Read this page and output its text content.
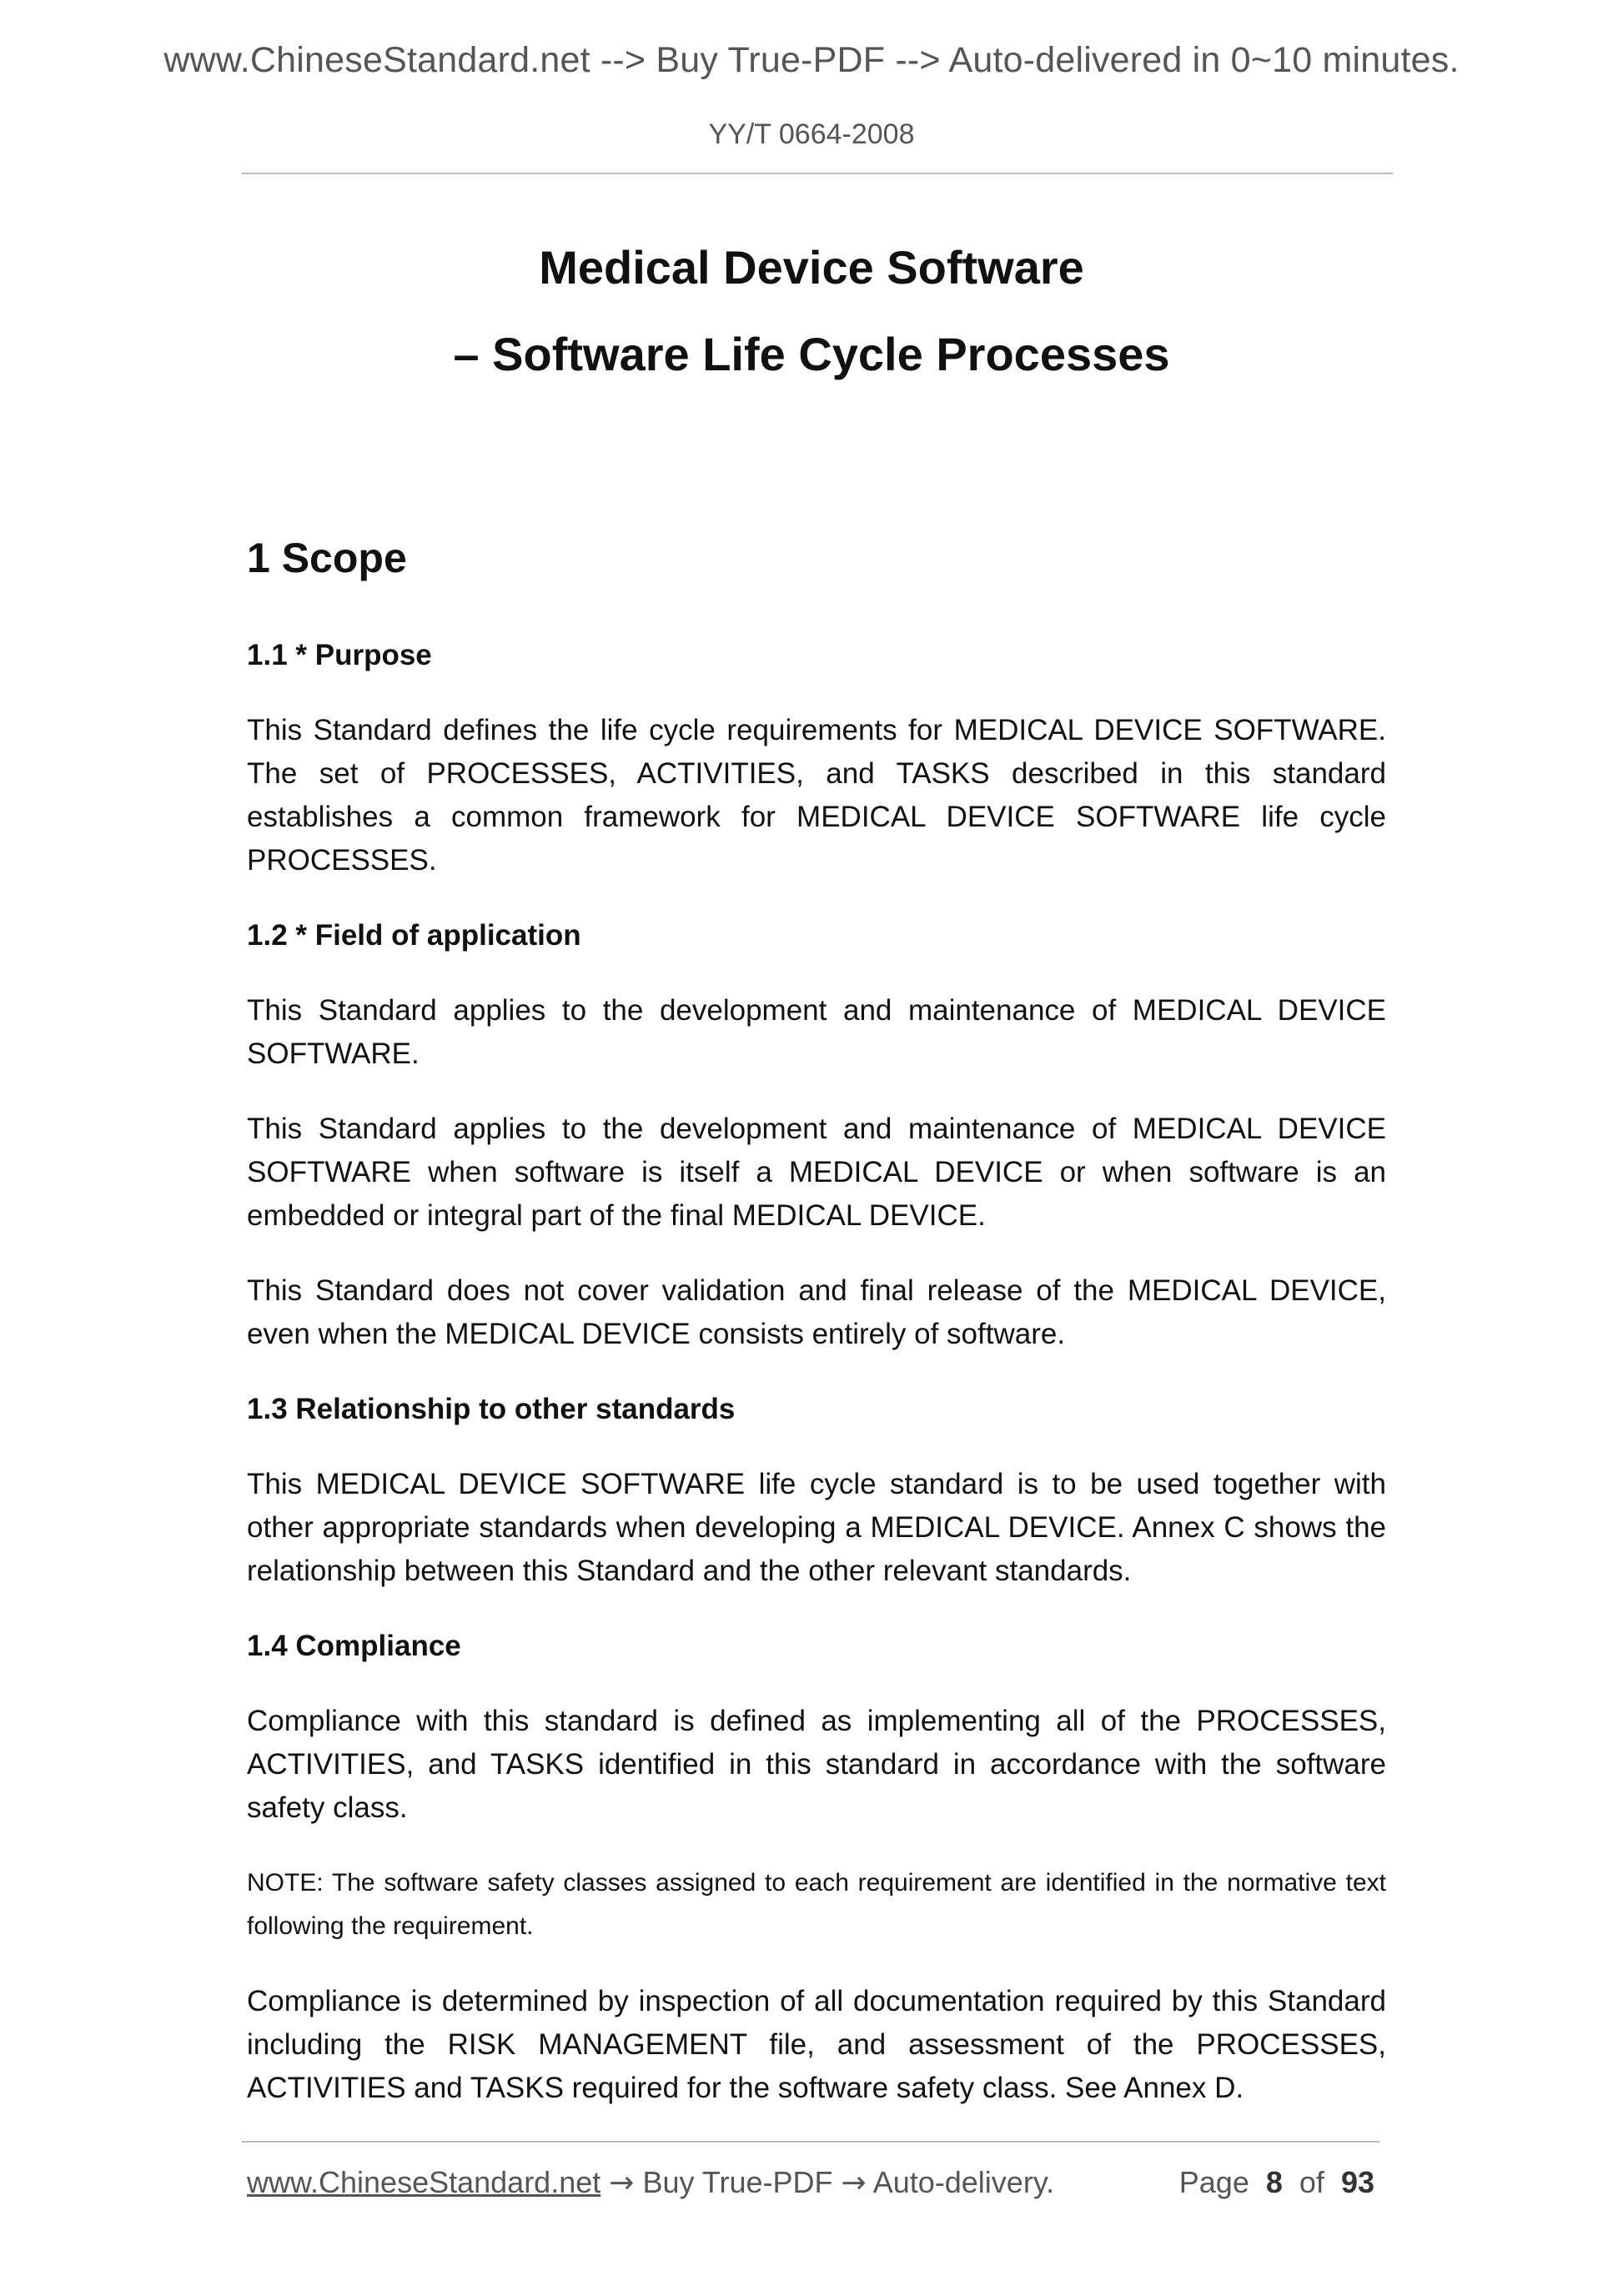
www.ChineseStandard.net --> Buy True-PDF --> Auto-delivered in 0~10 minutes.
YY/T 0664-2008
Medical Device Software
– Software Life Cycle Processes
1 Scope
1.1 * Purpose
This Standard defines the life cycle requirements for MEDICAL DEVICE SOFTWARE. The set of PROCESSES, ACTIVITIES, and TASKS described in this standard establishes a common framework for MEDICAL DEVICE SOFTWARE life cycle PROCESSES.
1.2 * Field of application
This Standard applies to the development and maintenance of MEDICAL DEVICE SOFTWARE.
This Standard applies to the development and maintenance of MEDICAL DEVICE SOFTWARE when software is itself a MEDICAL DEVICE or when software is an embedded or integral part of the final MEDICAL DEVICE.
This Standard does not cover validation and final release of the MEDICAL DEVICE, even when the MEDICAL DEVICE consists entirely of software.
1.3 Relationship to other standards
This MEDICAL DEVICE SOFTWARE life cycle standard is to be used together with other appropriate standards when developing a MEDICAL DEVICE. Annex C shows the relationship between this Standard and the other relevant standards.
1.4 Compliance
Compliance with this standard is defined as implementing all of the PROCESSES, ACTIVITIES, and TASKS identified in this standard in accordance with the software safety class.
NOTE: The software safety classes assigned to each requirement are identified in the normative text following the requirement.
Compliance is determined by inspection of all documentation required by this Standard including the RISK MANAGEMENT file, and assessment of the PROCESSES, ACTIVITIES and TASKS required for the software safety class. See Annex D.
www.ChineseStandard.net → Buy True-PDF → Auto-delivery.	Page 8 of 93
